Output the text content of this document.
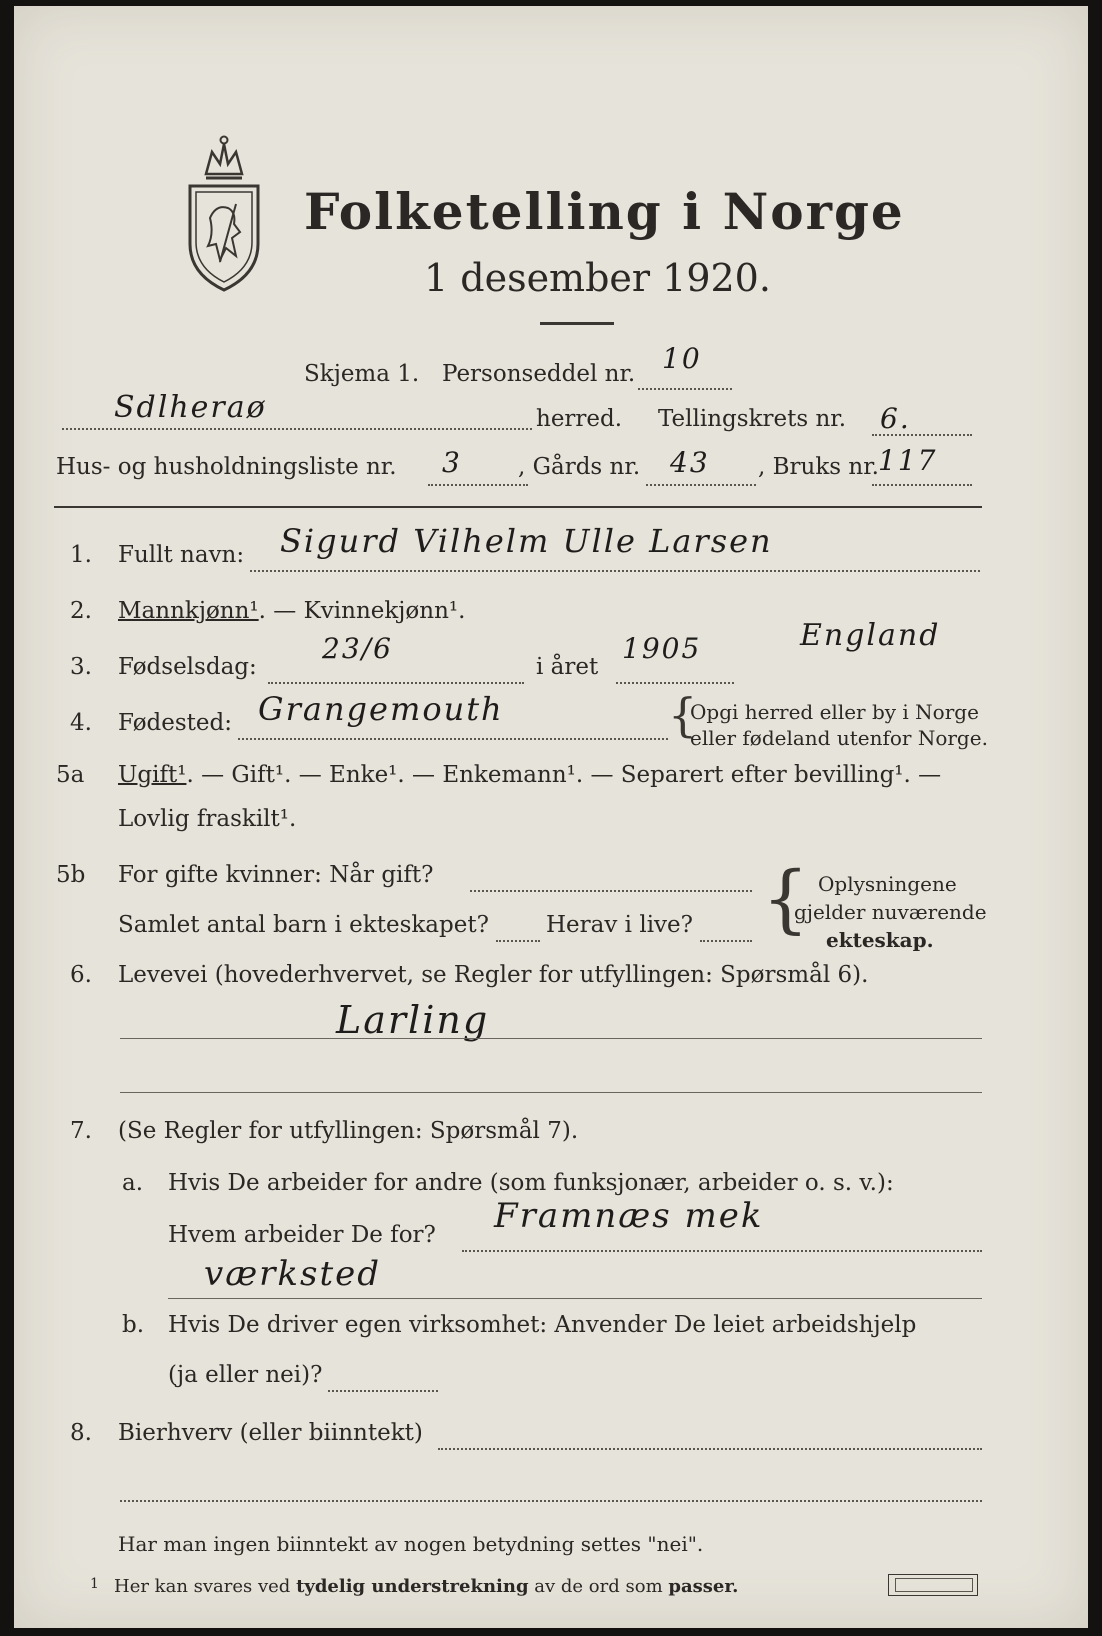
Folketelling i Norge
1 desember 1920.
Skjema 1. Personseddel nr. 10
Sdlheraø	herred. Tellingskrets nr. 6.
Hus- og husholdningsliste nr. 3 , Gårds nr. 43 , Bruks nr. 117
1. Fullt navn: Sigurd Vilhelm Ulle Larsen
2. Mannkjønn¹. — Kvinnekjønn¹.
3. Fødselsdag:
23/6
i året
1905	England
4. Fødested: Grangemouth	{
Opgi herred eller by i Norge
eller fødeland utenfor Norge.
5a Ugift¹. — Gift¹. — Enke¹. — Enkemann¹. — Separert efter bevilling¹. —
Lovlig fraskilt¹.
5b For gifte kvinner: Når gift?
Samlet antal barn i ekteskapet? Herav i live? { Oplysningene
gjelder nuværende
ekteskap.
6. Levevei (hovederhvervet, se Regler for utfyllingen: Spørsmål 6).
Larling
7. (Se Regler for utfyllingen: Spørsmål 7).
a. Hvis De arbeider for andre (som funksjonær, arbeider o. s. v.):
Hvem arbeider De for? Framnæs mek
værksted
b. Hvis De driver egen virksomhet: Anvender De leiet arbeidshjelp
(ja eller nei)?
8. Bierhverv (eller biinntekt)
Har man ingen biinntekt av nogen betydning settes "nei".
1 Her kan svares ved tydelig understrekning av de ord som passer.
